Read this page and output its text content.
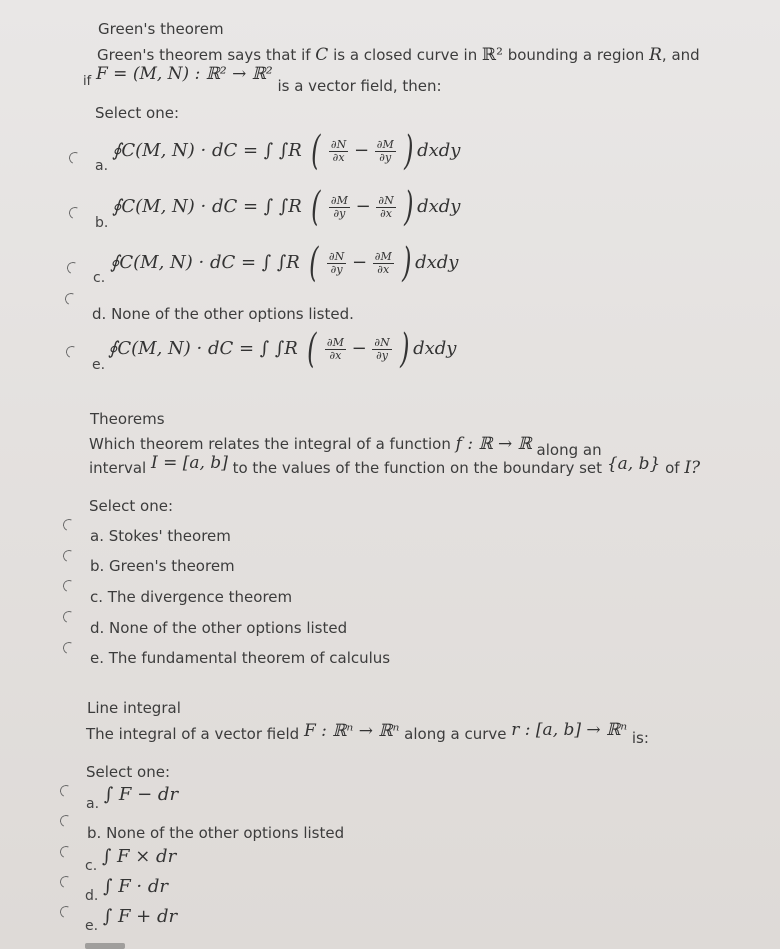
Green's theorem
Green's theorem says that if C is a closed curve in ℝ² bounding a region R, and
if F = (M, N) : ℝ² → ℝ² is a vector field, then:
Select one:
a.
∮C(M, N) · dC = ∫ ∫R ( $\frac{\partial N}{\partial x} - \frac{\partial M}{\partial y}$ ) dxdy
b.
∮C(M, N) · dC = ∫ ∫R ( $\frac{\partial M}{\partial y} - \frac{\partial N}{\partial x}$ ) dxdy
c.
∮C(M, N) · dC = ∫ ∫R ( $\frac{\partial N}{\partial y} - \frac{\partial M}{\partial x}$ ) dxdy
d. None of the other options listed.
e.
∮C(M, N) · dC = ∫ ∫R ( $\frac{\partial M}{\partial x} - \frac{\partial N}{\partial y}$ ) dxdy
Theorems
Which theorem relates the integral of a function f : ℝ → ℝ along an
interval I = [a, b] to the values of the function on the boundary set {a, b} of I?
Select one:
a. Stokes' theorem
b. Green's theorem
c. The divergence theorem
d. None of the other options listed
e. The fundamental theorem of calculus
Line integral
The integral of a vector field F : ℝⁿ → ℝⁿ along a curve r : [a, b] → ℝⁿ is:
Select one:
a. ∫ F − dr
b. None of the other options listed
c. ∫ F × dr
d. ∫ F · dr
e. ∫ F + dr
